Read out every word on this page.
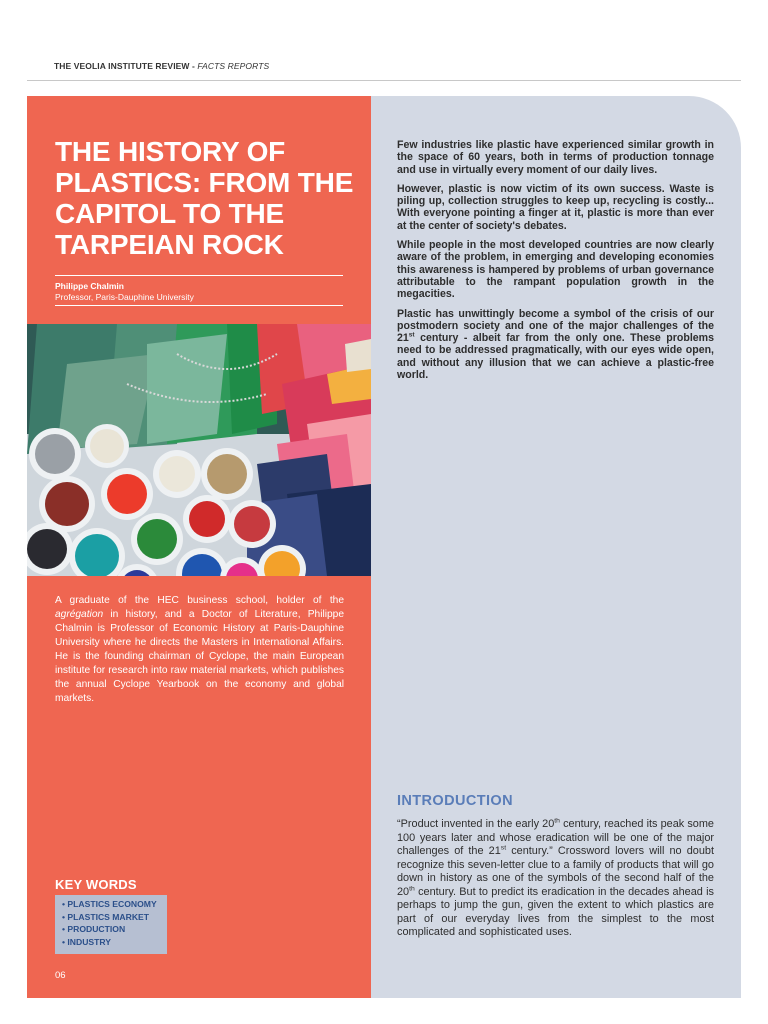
THE VEOLIA INSTITUTE REVIEW - FACTS REPORTS
THE HISTORY OF PLASTICS: FROM THE CAPITOL TO THE TARPEIAN ROCK
Philippe Chalmin
Professor, Paris-Dauphine University
A graduate of the HEC business school, holder of the agrégation in history, and a Doctor of Literature, Philippe Chalmin is Professor of Economic History at Paris-Dauphine University where he directs the Masters in International Affairs. He is the founding chairman of Cyclope, the main European institute for research into raw material markets, which publishes the annual Cyclope Yearbook on the economy and global markets.
KEY WORDS
• PLASTICS ECONOMY
• PLASTICS MARKET
• PRODUCTION
• INDUSTRY
06

Few industries like plastic have experienced similar growth in the space of 60 years, both in terms of production tonnage and use in virtually every moment of our daily lives.

However, plastic is now victim of its own success. Waste is piling up, collection struggles to keep up, recycling is costly... With everyone pointing a finger at it, plastic is more than ever at the center of society's debates.

While people in the most developed countries are now clearly aware of the problem, in emerging and developing economies this awareness is hampered by problems of urban governance attributable to the rampant population growth in the megacities.

Plastic has unwittingly become a symbol of the crisis of our postmodern society and one of the major challenges of the 21st century - albeit far from the only one. These problems need to be addressed pragmatically, with our eyes wide open, and without any illusion that we can achieve a plastic-free world.

INTRODUCTION
“Product invented in the early 20th century, reached its peak some 100 years later and whose eradication will be one of the major challenges of the 21st century.” Crossword lovers will no doubt recognize this seven-letter clue to a family of products that will go down in history as one of the symbols of the second half of the 20th century. But to predict its eradication in the decades ahead is perhaps to jump the gun, given the extent to which plastics are part of our everyday lives from the simplest to the most complicated and sophisticated uses.
